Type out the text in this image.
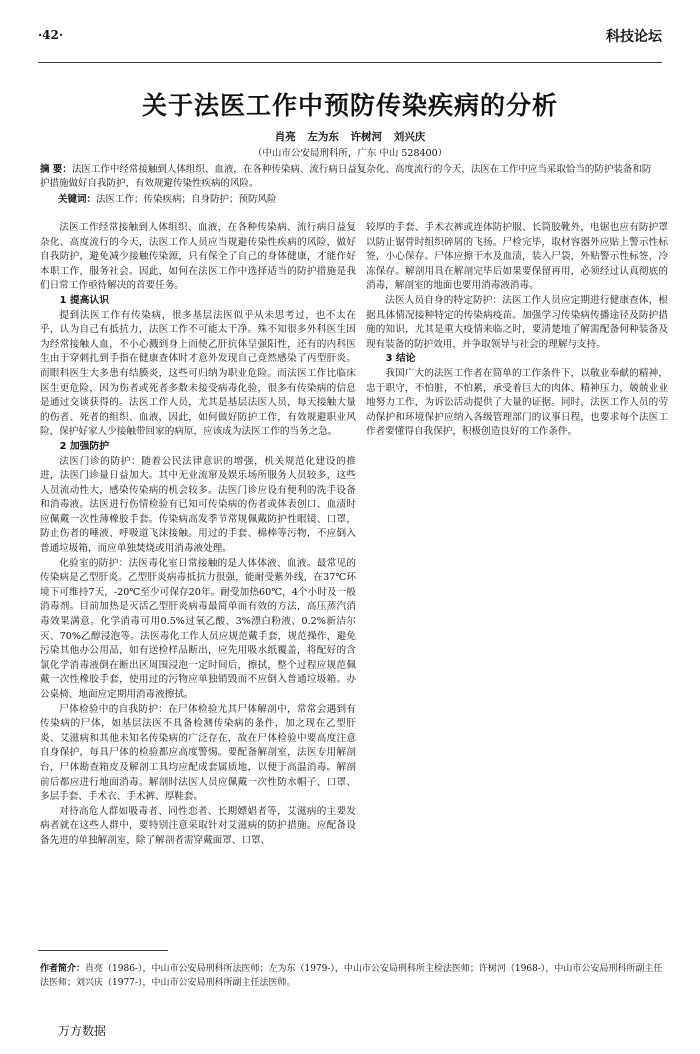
·42·	科技论坛
关于法医工作中预防传染疾病的分析
肖亮 左为东 许树河 刘兴庆
（中山市公安局刑科所，广东 中山 528400）
摘 要：法医工作中经常接触到人体组织、血液，在各种传染病、流行病日益复杂化、高度流行的今天，法医在工作中应当采取恰当的防护装备和防护措施做好自我防护，有效规避传染性疾病的风险。
关键词：法医工作；传染疾病；自身防护；预防风险

法医工作经常接触到人体组织、血液，在各种传染病、流行病日益复杂化、高度流行的今天，法医工作人员应当规避传染性疾病的风险，做好自我防护，避免减少接触传染源，只有保全了自己的身体健康，才能作好本职工作，服务社会。因此，如何在法医工作中选择适当的防护措施是我们日常工作亟待解决的首要任务。

1 提高认识

提到法医工作有传染病，很多基层法医似乎从未思考过，也不太在乎，认为自己有抵抗力，法医工作不可能太干净。殊不知很多外科医生因为经常接触人血，不小心溅到身上而使乙肝抗体呈强阳性，还有的内科医生由于穿刺扎到手指在健康查体时才意外发现自己竟然感染了丙型肝炎。而眼科医生大多患有结膜炎，这些可归纳为职业危险。而法医工作比临床医生更危险，因为伤者或死者多数未接受病毒化验，很多有传染病的信息是通过交谈获得的。法医工作人员，尤其是基层法医人员，每天接触大量的伤者、死者的组织、血液，因此，如何做好防护工作，有效规避职业风险，保护好家人少接触带回家的病原，应该成为法医工作的当务之急。

2 加强防护

法医门诊的防护：随着公民法律意识的增强，机关规范化建设的推进，法医门诊量日益加大。其中无业流窜及娱乐场所服务人员较多，这些人员流动性大，感染传染病的机会较多。法医门诊应设有便利的洗手设备和消毒液。法医进行伤情检验有已知可传染病的伤者或体表创口、血渍时应佩戴一次性薄橡胶手套。传染病高发季节常规佩戴防护性眼镜、口罩，防止伤者的唾液、呼吸道飞沫接触。用过的手套、棉棒等污物，不应倒入普通垃圾箱，而应单独焚烧或用消毒液处理。

化验室的防护：法医毒化室日常接触的是人体体液、血液。最常见的传染病是乙型肝炎。乙型肝炎病毒抵抗力很强，能耐受紫外线，在37℃环境下可维持7天，-20℃至少可保存20年。耐受加热60℃，4个小时及一般消毒剂。目前加热是灭活乙型肝炎病毒最简单而有效的方法，高压蒸汽消毒效果满意。化学消毒可用0.5%过氧乙酸、3%漂白粉液、0.2%新洁尔灭、70%乙醇浸泡等。法医毒化工作人员应规范戴手套，规范操作，避免污染其他办公用品，如有送检样品断出，应先用吸水纸覆盖，将配好的含氯化学消毒液倒在断出区周围浸泡一定时间后，擦拭，整个过程应规范佩戴一次性橡胶手套，使用过的污物应单独销毁而不应倒入普通垃圾箱。办公桌椅、地面应定期用消毒液擦拭。

尸体检验中的自我防护：在尸体检验尤其尸体解剖中，常常会遇到有传染病的尸体，如基层法医不具备检测传染病的条件，加之现在乙型肝炎、艾滋病和其他未知名传染病的广泛存在，故在尸体检验中要高度注意自身保护，每具尸体的检验都应高度警惕。要配备解剖室，法医专用解剖台，尸体勘查箱皮及解剖工具均应配成套属质地，以便于高温消毒。解剖前后都应进行地面消毒。解剖时法医人员应佩戴一次性防水帽子、口罩、多层手套、手术衣、手术裤、厚鞋套。

对待高危人群如吸毒者、同性恋者、长期嫖娼者等，艾滋病的主要发病者就在这些人群中，要特别注意采取针对艾滋病的防护措施。应配备设备先进的单独解剖室，除了解剖者需穿戴面罩、口罩、

较厚的手套、手术衣裤或连体防护服、长筒胶靴外，电锯也应有防护罩以防止锯骨时组织碎屑的飞扬。尸检完毕，取材容器外应贴上警示性标签，小心保存。尸体应擦干水及血渍，装入尸袋，外贴警示性标签，冷冻保存。解剖用具在解剖完毕后如果要保留再用，必须经过认真彻底的消毒，解剖室的地面也要用消毒液消毒。

法医人员自身的特定防护：法医工作人员应定期进行健康查体，根据具体情况接种特定的传染病疫苗。加强学习传染病传播途径及防护措施的知识，尤其是重大疫情来临之时，要清楚地了解需配备何种装备及现有装备的防护效用，并争取领导与社会的理解与支持。

3 结论

我国广大的法医工作者在简单的工作条件下，以敬业奉献的精神，忠于职守，不怕脏，不怕累，承受着巨大的肉体、精神压力，兢兢业业地努力工作，为诉讼活动提供了大量的证据。同时，法医工作人员的劳动保护和环境保护应纳入各级管理部门的议事日程，也要求每个法医工作者要懂得自我保护，积极创造良好的工作条件。

作者简介：肖亮（1986-），中山市公安局刑科所法医师；左为东（1979-），中山市公安局刑科所主检法医师；许树河（1968-），中山市公安局刑科所副主任法医师；刘兴庆（1977-），中山市公安局刑科所副主任法医师。
万方数据
